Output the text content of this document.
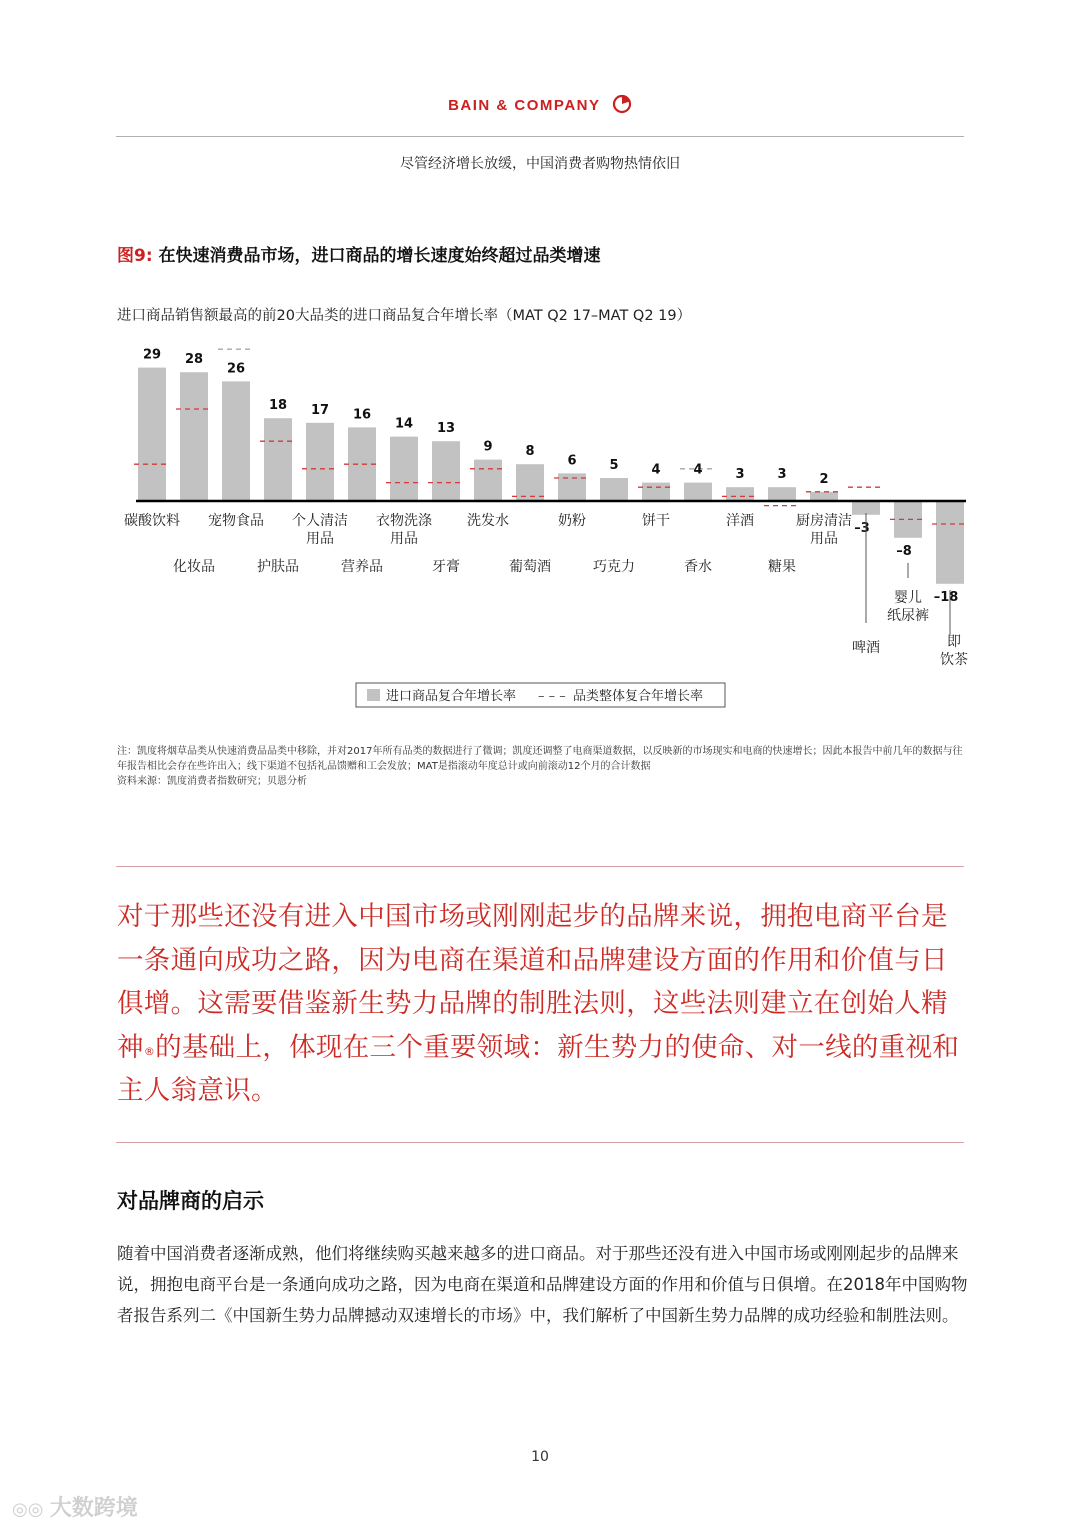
BAIN & COMPANY
尽管经济增长放缓，中国消费者购物热情依旧
图9: 在快速消费品市场，进口商品的增长速度始终超过品类增速
进口商品销售额最高的前20大品类的进口商品复合年增长率（MAT Q2 17–MAT Q2 19）
29 28
26
18 17 16
14 13
9	8
6	5	4	4	3	3	2
–3
–8
–18
碳酸饮料
化妆品
宠物食品
护肤品
个人清洁
用品
营养品
衣物洗涤
用品
牙膏
洗发水
葡萄酒
奶粉
巧克力
饼干
香水
洋酒
糖果
厨房清洁
用品
啤酒
婴儿
纸尿裤
即
饮茶
进口商品复合年增长率 – – – 品类整体复合年增长率
注：凯度将烟草品类从快速消费品品类中移除，并对2017年所有品类的数据进行了微调；凯度还调整了电商渠道数据，以反映新的市场现实和电商的快速增长；因此本报告中前几年的数据与往年报告相比会存在些许出入；线下渠道不包括礼品馈赠和工会发放；MAT是指滚动年度总计或向前滚动12个月的合计数据
资料来源：凯度消费者指数研究；贝恩分析
对于那些还没有进入中国市场或刚刚起步的品牌来说，拥抱电商平台是一条通向成功之路，因为电商在渠道和品牌建设方面的作用和价值与日俱增。这需要借鉴新生势力品牌的制胜法则，这些法则建立在创始人精神®的基础上，体现在三个重要领域：新生势力的使命、对一线的重视和主人翁意识。
对品牌商的启示
随着中国消费者逐渐成熟，他们将继续购买越来越多的进口商品。对于那些还没有进入中国市场或刚刚起步的品牌来说，拥抱电商平台是一条通向成功之路，因为电商在渠道和品牌建设方面的作用和价值与日俱增。在2018年中国购物者报告系列二《中国新生势力品牌撼动双速增长的市场》中，我们解析了中国新生势力品牌的成功经验和制胜法则。
10
◎◎ 大数跨境
